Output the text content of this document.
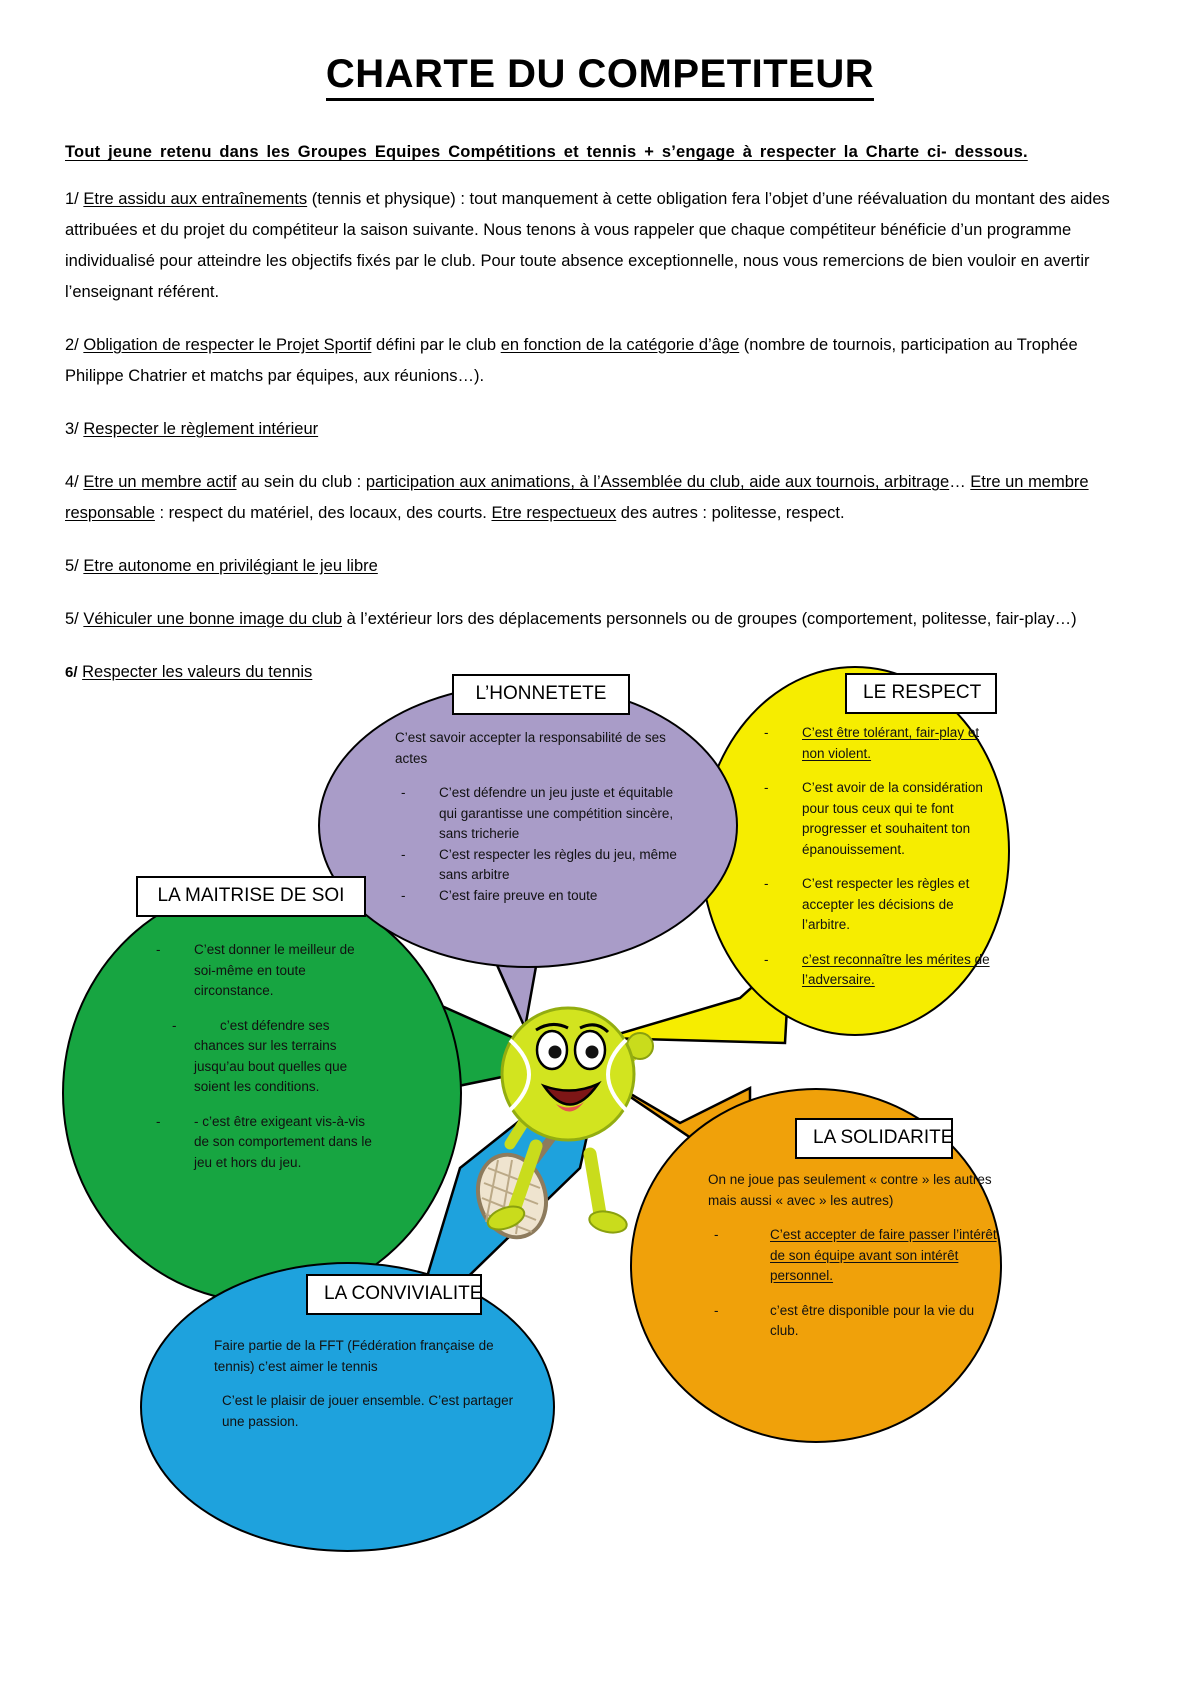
CHARTE DU COMPETITEUR
Tout jeune retenu dans les Groupes Equipes Compétitions et tennis + s’engage à respecter la Charte ci- dessous.
1/ Etre assidu aux entraînements (tennis et physique) : tout manquement à cette obligation fera l’objet d’une réévaluation du montant des aides attribuées et du projet du compétiteur la saison suivante. Nous tenons à vous rappeler que chaque compétiteur bénéficie d’un programme individualisé pour atteindre les objectifs fixés par le club. Pour toute absence exceptionnelle, nous vous remercions de bien vouloir en avertir l’enseignant référent.
2/ Obligation de respecter le Projet Sportif défini par le club en fonction de la catégorie d’âge (nombre de tournois, participation au Trophée Philippe Chatrier et matchs par équipes, aux réunions…).
3/ Respecter le règlement intérieur
4/ Etre un membre actif au sein du club : participation aux animations, à l’Assemblée du club, aide aux tournois, arbitrage… Etre un membre responsable : respect du matériel, des locaux, des courts. Etre respectueux des autres : politesse, respect.
5/ Etre autonome en privilégiant le jeu libre
5/ Véhiculer une bonne image du club à l’extérieur lors des déplacements personnels ou de groupes (comportement, politesse, fair-play…)
6/ Respecter les valeurs du tennis

C’est savoir accepter la responsabilité de ses actes

-	C’est défendre un jeu juste et équitable qui garantisse une compétition sincère, sans tricherie
-	C’est respecter les règles du jeu, même sans arbitre
-	C’est faire preuve en toute
L’HONNETETE
-	C’est être tolérant, fair-play et non violent.
-	C’est avoir de la considération pour tous ceux qui te font progresser et souhaitent ton épanouissement.
-	C’est respecter les règles et accepter les décisions de l’arbitre.
-	c’est reconnaître les mérites de l’adversaire.
LE RESPECT
-	C’est donner le meilleur de soi-même en toute circonstance.
-	c’est défendre ses chances sur les terrains jusqu’au bout quelles que soient les conditions.
-	- c’est être exigeant vis-à-vis de son comportement dans le jeu et hors du jeu.
LA MAITRISE DE SOI

On ne joue pas seulement « contre » les autres mais aussi « avec » les autres)

-	C’est accepter de faire passer l’intérêt de son équipe avant son intérêt personnel.
-	c’est être disponible pour la vie du club.
LA SOLIDARITE

Faire partie de la FFT (Fédération française de tennis) c’est aimer le tennis

C’est le plaisir de jouer ensemble. C’est partager une passion.

LA CONVIVIALITE
